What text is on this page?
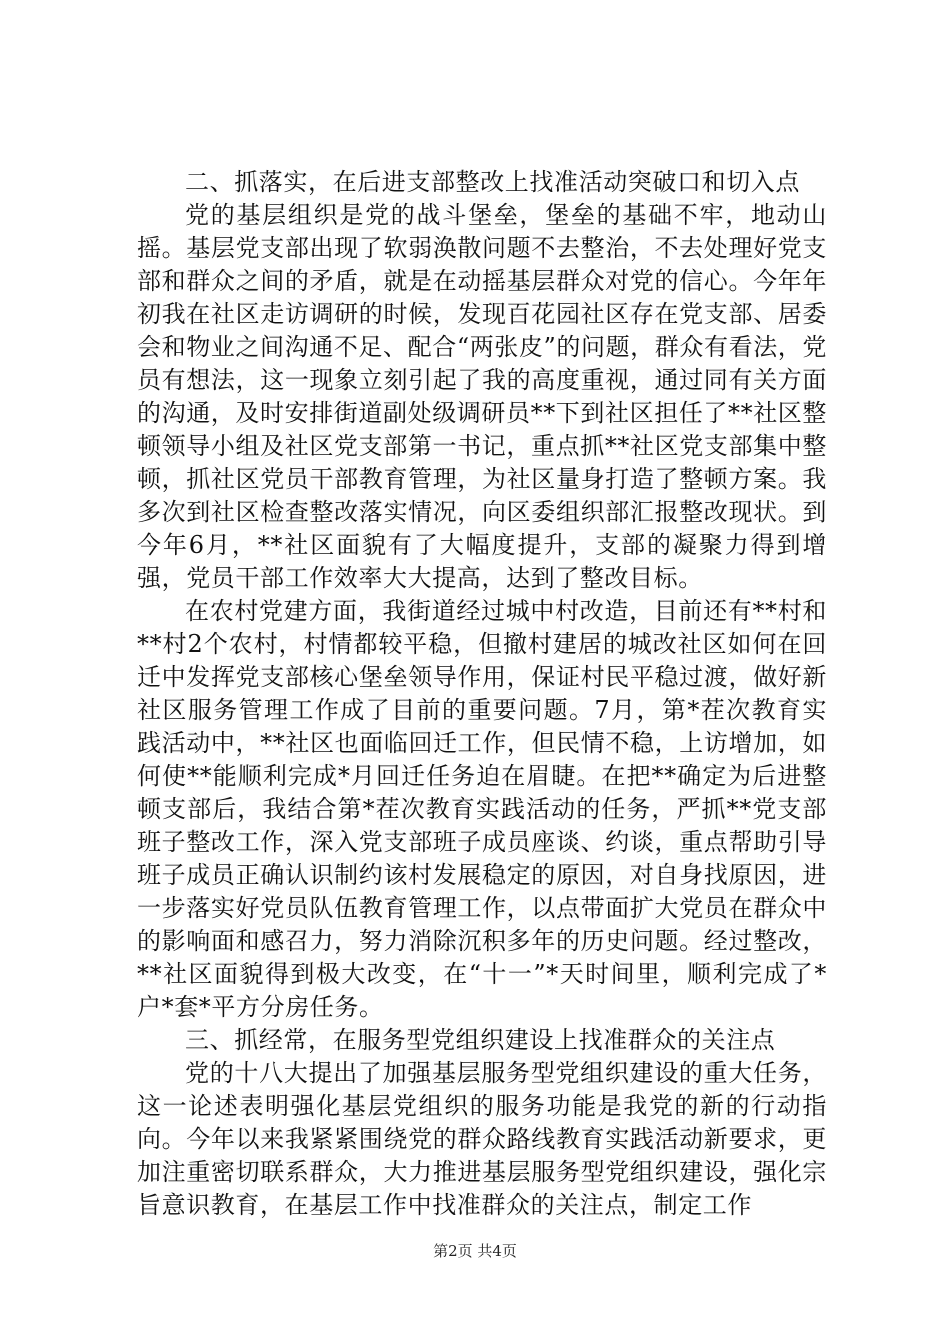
二、抓落实，在后进支部整改上找准活动突破口和切入点

党的基层组织是党的战斗堡垒，堡垒的基础不牢，地动山摇。基层党支部出现了软弱涣散问题不去整治，不去处理好党支部和群众之间的矛盾，就是在动摇基层群众对党的信心。今年年初我在社区走访调研的时候，发现百花园社区存在党支部、居委会和物业之间沟通不足、配合“两张皮”的问题，群众有看法，党员有想法，这一现象立刻引起了我的高度重视，通过同有关方面的沟通，及时安排街道副处级调研员**下到社区担任了**社区整顿领导小组及社区党支部第一书记，重点抓**社区党支部集中整顿，抓社区党员干部教育管理，为社区量身打造了整顿方案。我多次到社区检查整改落实情况，向区委组织部汇报整改现状。到今年6月，**社区面貌有了大幅度提升，支部的凝聚力得到增强，党员干部工作效率大大提高，达到了整改目标。

在农村党建方面，我街道经过城中村改造，目前还有**村和**村2个农村，村情都较平稳，但撤村建居的城改社区如何在回迁中发挥党支部核心堡垒领导作用，保证村民平稳过渡，做好新社区服务管理工作成了目前的重要问题。7月，第*茬次教育实践活动中，**社区也面临回迁工作，但民情不稳，上访增加，如何使**能顺利完成*月回迁任务迫在眉睫。在把**确定为后进整顿支部后，我结合第*茬次教育实践活动的任务，严抓**党支部班子整改工作，深入党支部班子成员座谈、约谈，重点帮助引导班子成员正确认识制约该村发展稳定的原因，对自身找原因，进一步落实好党员队伍教育管理工作，以点带面扩大党员在群众中的影响面和感召力，努力消除沉积多年的历史问题。经过整改，**社区面貌得到极大改变，在“十一”*天时间里，顺利完成了*户*套*平方分房任务。

三、抓经常，在服务型党组织建设上找准群众的关注点

党的十八大提出了加强基层服务型党组织建设的重大任务，这一论述表明强化基层党组织的服务功能是我党的新的行动指向。今年以来我紧紧围绕党的群众路线教育实践活动新要求，更加注重密切联系群众，大力推进基层服务型党组织建设，强化宗旨意识教育，在基层工作中找准群众的关注点，制定工作

第2页 共4页
